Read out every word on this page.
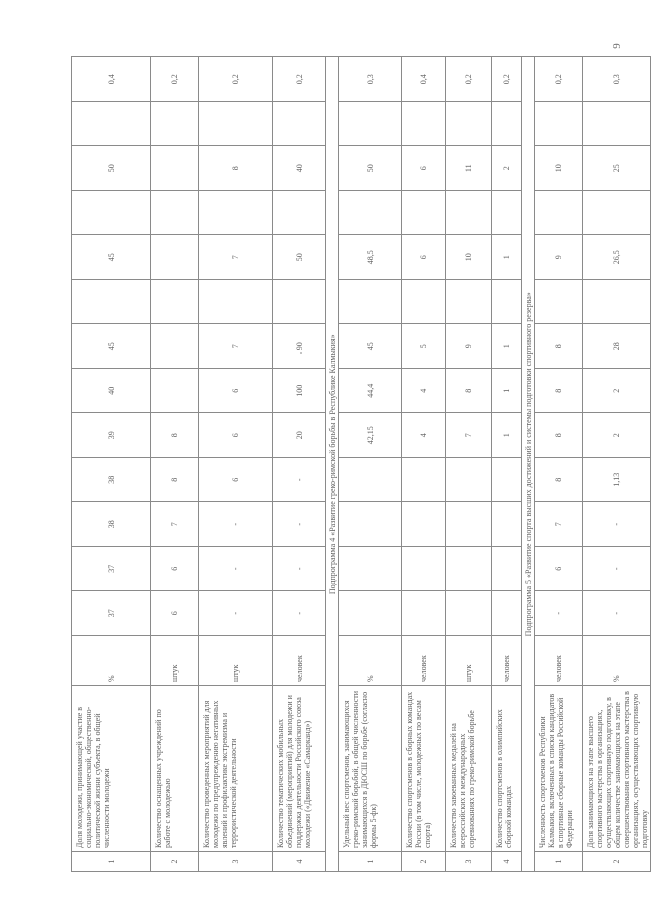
1	Доля молодежи, принимающей участие в социально-экономической, общественно-политической жизни субъекта, в общей численности молодежи	%	37	37	38	38	39	40	45		45		50		0,4
2	Количество оснащенных учреждений по работе с молодежью	штук	6	6	7	8	8								0,2
3	Количество проведенных мероприятий для молодежи по предупреждению негативных явлений и профилактике экстремизма и террористической деятельности	штук	-	-	-	6	6	6	7		7		8		0,2
4	Количество тематических мобильных объединений (мероприятий) для молодежи и поддержка деятельности Российского союза молодежи («Движение «Самарканд»)	человек	-	-	-	-	20	100	90		50		40		0,2
Подпрограмма 4 «Развитие греко-римской борьбы в Республике Калмыкия»															
1	Удельный вес спортсменов, занимающихся греко-римской борьбой, в общей численности занимающихся в ДЮСШ по борьбе (согласно формы 5-фк)	%					42,15	44,4	45		48,5		50		0,3
2	Количество спортсменов в сборных командах России (в том числе, молодежных по весам спорта)	человек					4	4	5		6		6		0,4
3	Количество завоеванных медалей на всероссийских и международных соревнованиях по греко-римской борьбе	штук					7	8	9		10		11		0,2
4	Количество спортсменов в олимпийских сборной командах	человек					1	1	1		1		2		0,2
Подпрограмма 5 «Развитие спорта высших достижений и системы подготовки спортивного резерва»															
1	Численность спортсменов Республики Калмыкия, включенных в списки кандидатов в спортивные сборные команды Российской Федерации	человек	-	6	7	8	8	8	8		9		10		0,2
2	Доля занимающихся на этапе высшего спортивного мастерства в организациях, осуществляющих спортивную подготовку, в общем количестве занимающихся на этапе совершенствования спортивного мастерства в организациях, осуществляющих спортивную подготовку	%	-	-	-	1,13	2	2	28		26,5		25		0,3
9
